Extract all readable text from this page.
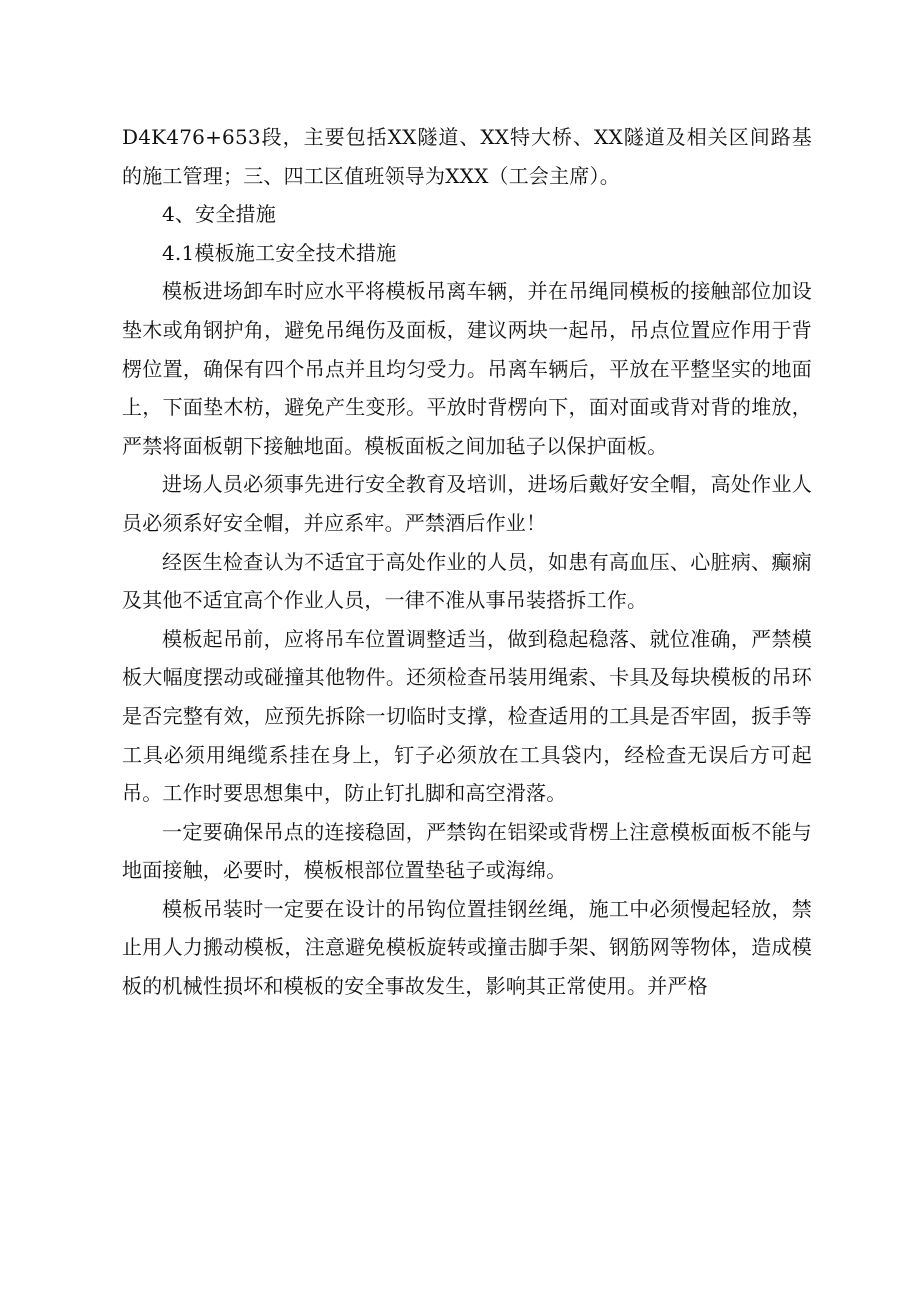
D4K476+653段，主要包括XX隧道、XX特大桥、XX隧道及相关区间路基的施工管理；三、四工区值班领导为XXX（工会主席）。

4、安全措施

4.1模板施工安全技术措施

模板进场卸车时应水平将模板吊离车辆，并在吊绳同模板的接触部位加设垫木或角钢护角，避免吊绳伤及面板，建议两块一起吊，吊点位置应作用于背楞位置，确保有四个吊点并且均匀受力。吊离车辆后，平放在平整坚实的地面上，下面垫木枋，避免产生变形。平放时背楞向下，面对面或背对背的堆放，严禁将面板朝下接触地面。模板面板之间加毡子以保护面板。

进场人员必须事先进行安全教育及培训，进场后戴好安全帽，高处作业人员必须系好安全帽，并应系牢。严禁酒后作业！

经医生检查认为不适宜于高处作业的人员，如患有高血压、心脏病、癫痫及其他不适宜高个作业人员，一律不准从事吊装搭拆工作。

模板起吊前，应将吊车位置调整适当，做到稳起稳落、就位准确，严禁模板大幅度摆动或碰撞其他物件。还须检查吊装用绳索、卡具及每块模板的吊环是否完整有效，应预先拆除一切临时支撑，检查适用的工具是否牢固，扳手等工具必须用绳缆系挂在身上，钉子必须放在工具袋内，经检查无误后方可起吊。工作时要思想集中，防止钉扎脚和高空滑落。

一定要确保吊点的连接稳固，严禁钩在铝梁或背楞上注意模板面板不能与地面接触，必要时，模板根部位置垫毡子或海绵。

模板吊装时一定要在设计的吊钩位置挂钢丝绳，施工中必须慢起轻放，禁止用人力搬动模板，注意避免模板旋转或撞击脚手架、钢筋网等物体，造成模板的机械性损坏和模板的安全事故发生，影响其正常使用。并严格
